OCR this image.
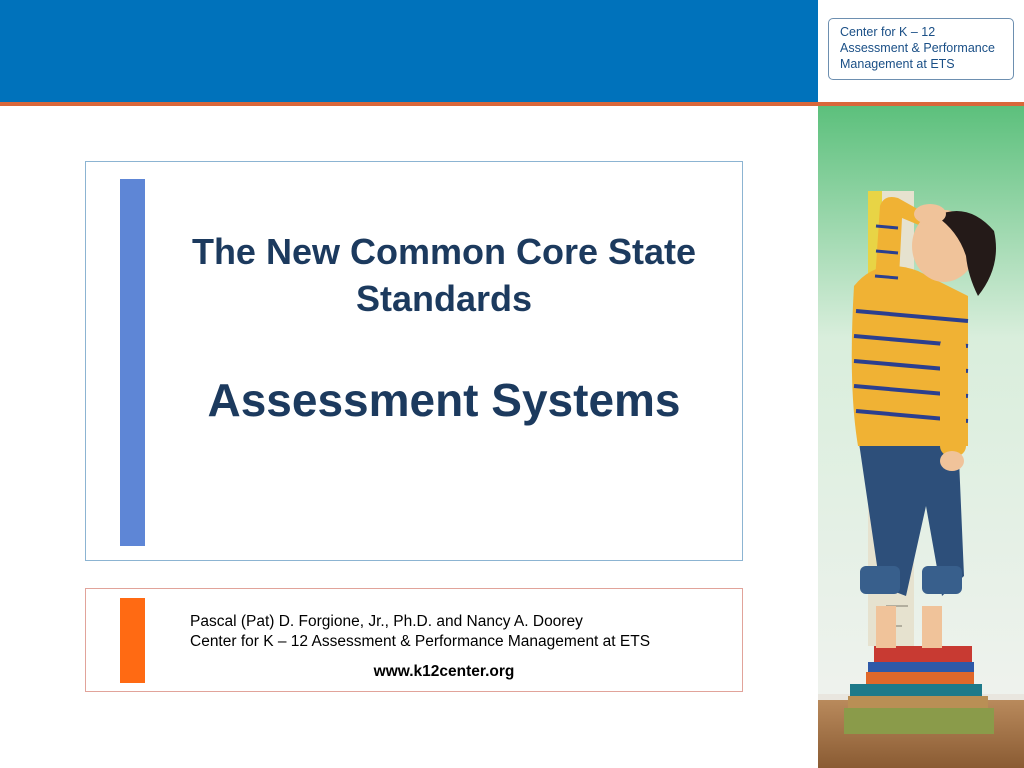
Center for K – 12
Assessment & Performance
Management at ETS
The New Common Core State Standards
Assessment Systems
Pascal (Pat) D. Forgione, Jr., Ph.D. and Nancy A. Doorey
Center for K – 12 Assessment & Performance Management at ETS
www.k12center.org
